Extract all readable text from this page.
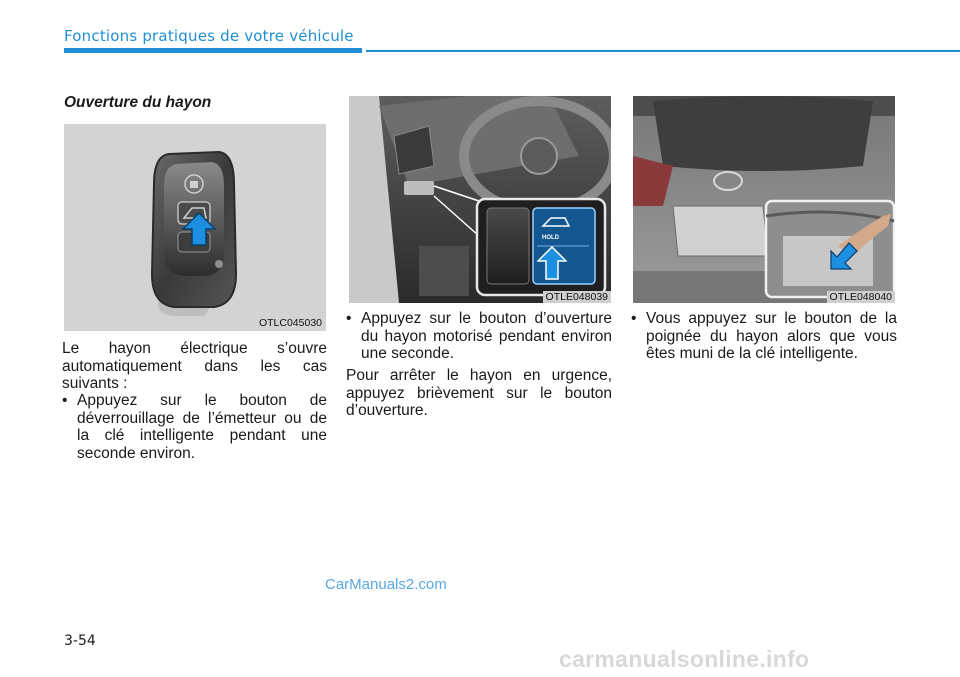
Fonctions pratiques de votre véhicule
Ouverture du hayon
OTLC045030
HOLD
OTLE048039	OTLE048040
Le hayon électrique s’ouvre automatiquement dans les cas suivants :
• Appuyez sur le bouton de déverrouillage de l’émetteur ou de la clé intelligente pendant une seconde environ.
• Appuyez sur le bouton d’ouverture du hayon motorisé pendant environ une seconde.
Pour arrêter le hayon en urgence, appuyez brièvement sur le bouton d’ouverture.
• Vous appuyez sur le bouton de la poignée du hayon alors que vous êtes muni de la clé intelligente.
CarManuals2.com
3-54
carmanualsonline.info
